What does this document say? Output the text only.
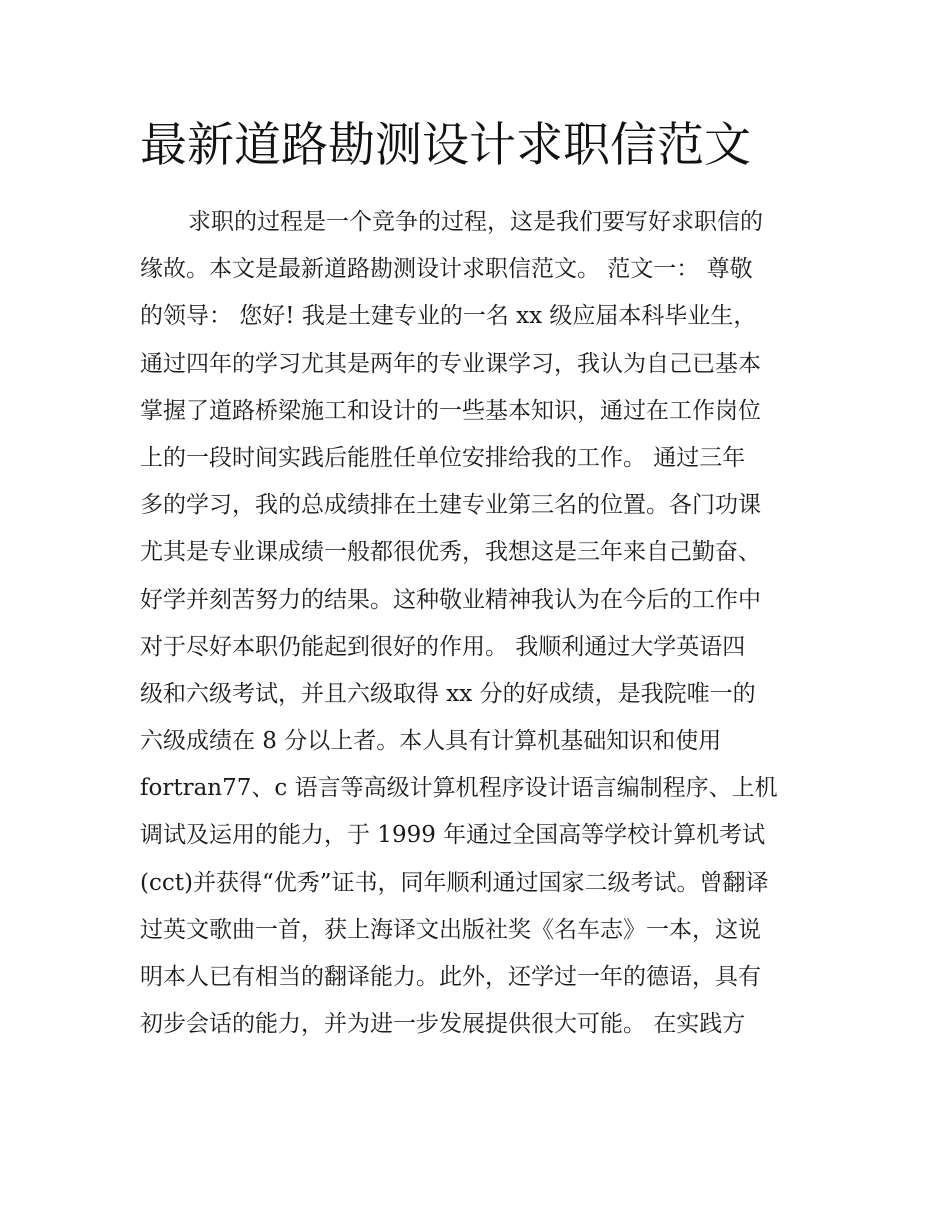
最新道路勘测设计求职信范文
求职的过程是一个竞争的过程，这是我们要写好求职信的
缘故。本文是最新道路勘测设计求职信范文。 范文一： 尊敬
的领导： 您好! 我是土建专业的一名 xx 级应届本科毕业生，
通过四年的学习尤其是两年的专业课学习，我认为自己已基本
掌握了道路桥梁施工和设计的一些基本知识，通过在工作岗位
上的一段时间实践后能胜任单位安排给我的工作。 通过三年
多的学习，我的总成绩排在土建专业第三名的位置。各门功课
尤其是专业课成绩一般都很优秀，我想这是三年来自己勤奋、
好学并刻苦努力的结果。这种敬业精神我认为在今后的工作中
对于尽好本职仍能起到很好的作用。 我顺利通过大学英语四
级和六级考试，并且六级取得 xx 分的好成绩，是我院唯一的
六级成绩在 8 分以上者。本人具有计算机基础知识和使用
fortran77、c 语言等高级计算机程序设计语言编制程序、上机
调试及运用的能力，于 1999 年通过全国高等学校计算机考试
(cct)并获得“优秀”证书，同年顺利通过国家二级考试。曾翻译
过英文歌曲一首，获上海译文出版社奖《名车志》一本，这说
明本人已有相当的翻译能力。此外，还学过一年的德语，具有
初步会话的能力，并为进一步发展提供很大可能。 在实践方
